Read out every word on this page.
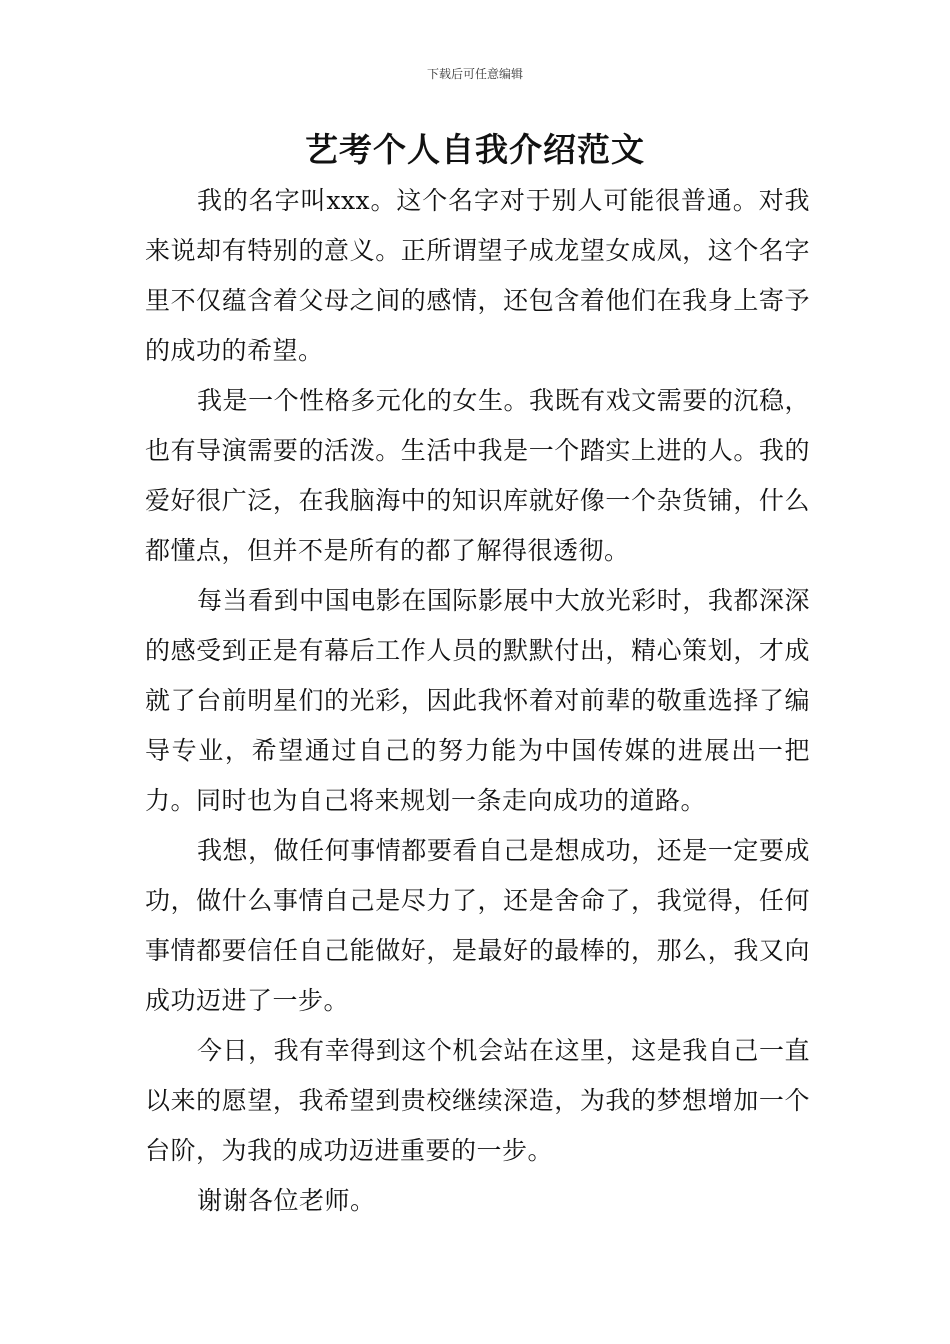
下载后可任意编辑
艺考个人自我介绍范文

我的名字叫xxx。这个名字对于别人可能很普通。对我来说却有特别的意义。正所谓望子成龙望女成凤，这个名字里不仅蕴含着父母之间的感情，还包含着他们在我身上寄予的成功的希望。

我是一个性格多元化的女生。我既有戏文需要的沉稳，也有导演需要的活泼。生活中我是一个踏实上进的人。我的爱好很广泛，在我脑海中的知识库就好像一个杂货铺，什么都懂点，但并不是所有的都了解得很透彻。

每当看到中国电影在国际影展中大放光彩时，我都深深的感受到正是有幕后工作人员的默默付出，精心策划，才成就了台前明星们的光彩，因此我怀着对前辈的敬重选择了编导专业，希望通过自己的努力能为中国传媒的进展出一把力。同时也为自己将来规划一条走向成功的道路。

我想，做任何事情都要看自己是想成功，还是一定要成功，做什么事情自己是尽力了，还是舍命了，我觉得，任何事情都要信任自己能做好，是最好的最棒的，那么，我又向成功迈进了一步。

今日，我有幸得到这个机会站在这里，这是我自己一直以来的愿望，我希望到贵校继续深造，为我的梦想增加一个台阶，为我的成功迈进重要的一步。

谢谢各位老师。
